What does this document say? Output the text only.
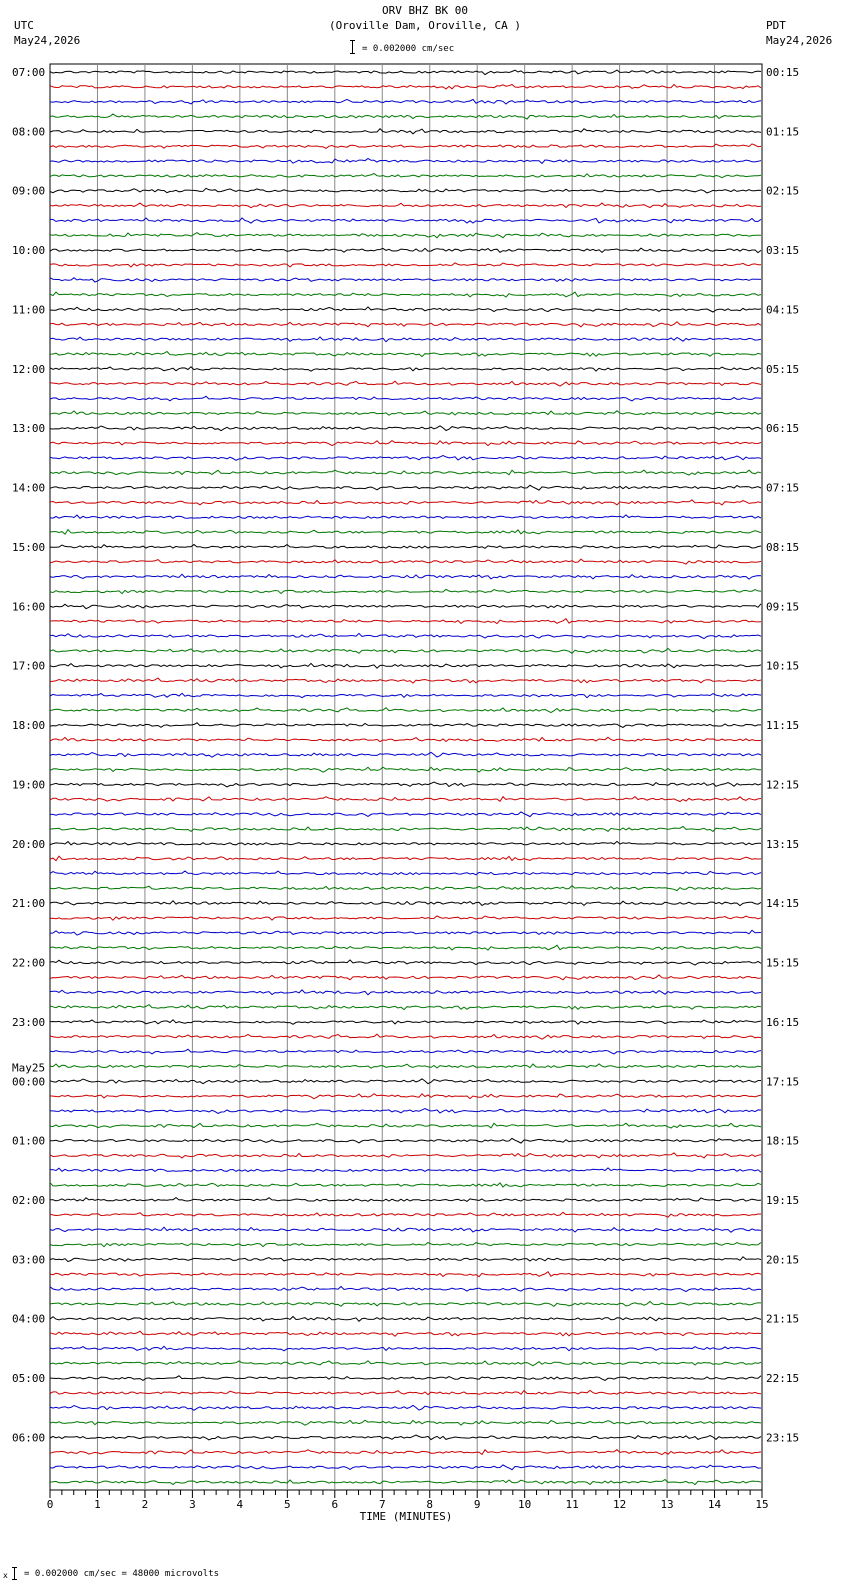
ORV BHZ BK 00
(Oroville Dam, Oroville, CA )
UTC
May24,2026
PDT
May24,2026
= 0.002000 cm/sec
07:00	00:15
08:00	01:15
09:00	02:15
10:00	03:15
11:00	04:15
12:00	05:15
13:00	06:15
14:00	07:15
15:00	08:15
16:00	09:15
17:00	10:15
18:00	11:15
19:00	12:15
20:00	13:15
21:00	14:15
22:00	15:15
23:00	16:15
00:00	17:15
May25
01:00	18:15
02:00	19:15
03:00	20:15
04:00	21:15
05:00	22:15
06:00	23:15
0	1	2	3	4	5	6	7	8	9	10	11	12	13	14	15
TIME (MINUTES)
x = 0.002000 cm/sec = 48000 microvolts
